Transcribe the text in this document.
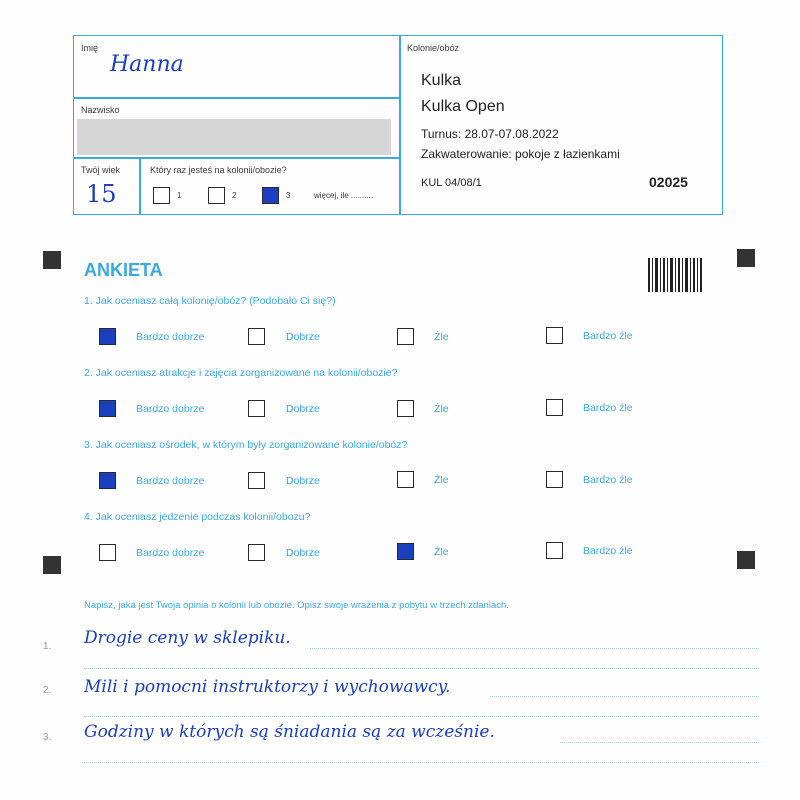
Imię
Hanna
Nazwisko
Twój wiek
15
Który raz jesteś na kolonii/obozie?
1	2	3	więcej, ile ..........
Kolonie/obóz
Kulka
Kulka Open
Turnus: 28.07-07.08.2022
Zakwaterowanie: pokoje z łazienkami
KUL 04/08/1	02025
ANKIETA
1. Jak oceniasz całą kolonię/obóz? (Podobało Ci się?)
Bardzo dobrze	Dobrze	Źle	Bardzo źle
2. Jak oceniasz atrakcje i zajęcia zorganizowane na kolonii/obozie?
Bardzo dobrze	Dobrze	Źle	Bardzo źle
3. Jak oceniasz ośrodek, w którym były zorganizowane kolonie/obóz?
Bardzo dobrze	Dobrze	Źle	Bardzo źle
4. Jak oceniasz jedzenie podczas kolonii/obozu?
Bardzo dobrze	Dobrze	Źle	Bardzo źle
Napisz, jaka jest Twoja opinia o kolonii lub obozie. Opisz swoje wrażenia z pobytu w trzech zdaniach.
1. Drogie ceny w sklepiku.
2. Mili i pomocni instruktorzy i wychowawcy.
3. Godziny w których są śniadania są za wcześnie.
